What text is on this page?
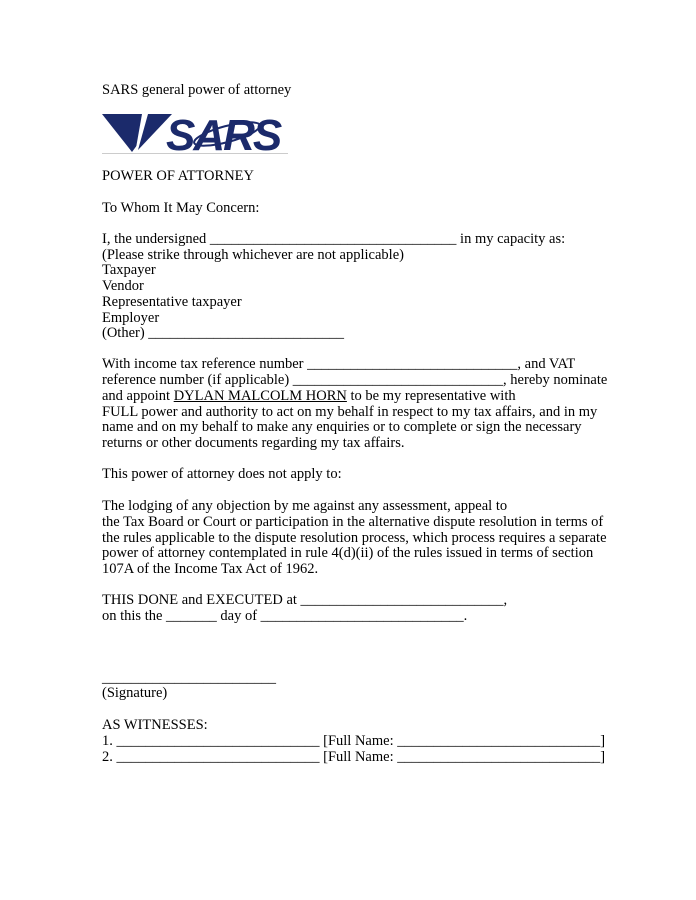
SARS general power of attorney
SARS
POWER OF ATTORNEY
To Whom It May Concern:
I, the undersigned __________________________________ in my capacity as:
(Please strike through whichever are not applicable)
Taxpayer
Vendor
Representative taxpayer
Employer
(Other) ___________________________
With income tax reference number _____________________________, and VAT
reference number (if applicable) _____________________________, hereby nominate
and appoint DYLAN MALCOLM HORN to be my representative with
FULL power and authority to act on my behalf in respect to my tax affairs, and in my
name and on my behalf to make any enquiries or to complete or sign the necessary
returns or other documents regarding my tax affairs.
This power of attorney does not apply to:
The lodging of any objection by me against any assessment, appeal to
the Tax Board or Court or participation in the alternative dispute resolution in terms of
the rules applicable to the dispute resolution process, which process requires a separate
power of attorney contemplated in rule 4(d)(ii) of the rules issued in terms of section
107A of the Income Tax Act of 1962.
THIS DONE and EXECUTED at ____________________________,
on this the _______ day of ____________________________.
________________________
(Signature)
AS WITNESSES:
1. ____________________________ [Full Name: ____________________________]
2. ____________________________ [Full Name: ____________________________]
